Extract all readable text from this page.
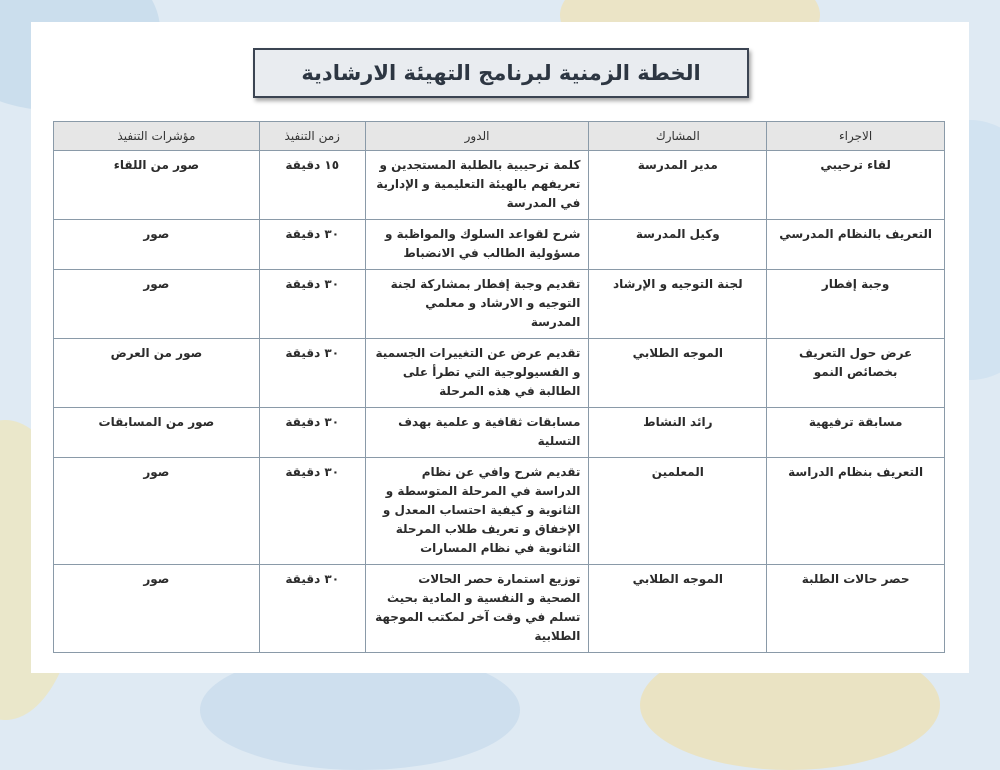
الخطة الزمنية لبرنامج التهيئة الارشادية
الاجراء	المشارك	الدور	زمن التنفيذ	مؤشرات التنفيذ
لقاء ترحيبي	مدير المدرسة	كلمة ترحيبية بالطلبة المستجدين و تعريفهم بالهيئة التعليمية و الإدارية في المدرسة	١٥ دقيقة	صور من اللقاء
التعريف بالنظام المدرسي	وكيل المدرسة	شرح لقواعد السلوك والمواظبة و مسؤولية الطالب في الانضباط	٣٠ دقيقة	صور
وجبة إفطار	لجنة التوجيه و الإرشاد	تقديم وجبة إفطار بمشاركة لجنة التوجيه و الارشاد و معلمي المدرسة	٣٠ دقيقة	صور
عرض حول التعريف بخصائص النمو	الموجه الطلابي	تقديم عرض عن التغييرات الجسمية و الفسيولوجية التي تطرأ على الطالبة في هذه المرحلة	٣٠ دقيقة	صور من العرض
مسابقة ترفيهية	رائد النشاط	مسابقات ثقافية و علمية بهدف التسلية	٣٠ دقيقة	صور من المسابقات
التعريف بنظام الدراسة	المعلمين	تقديم شرح وافي عن نظام الدراسة في المرحلة المتوسطة و الثانوية و كيفية احتساب المعدل و الإخفاق و تعريف طلاب المرحلة الثانوية في نظام المسارات	٣٠ دقيقة	صور
حصر حالات الطلبة	الموجه الطلابي	توزيع استمارة حصر الحالات الصحية و النفسية و المادية بحيث تسلم في وقت آخر لمكتب الموجهة الطلابية	٣٠ دقيقة	صور
